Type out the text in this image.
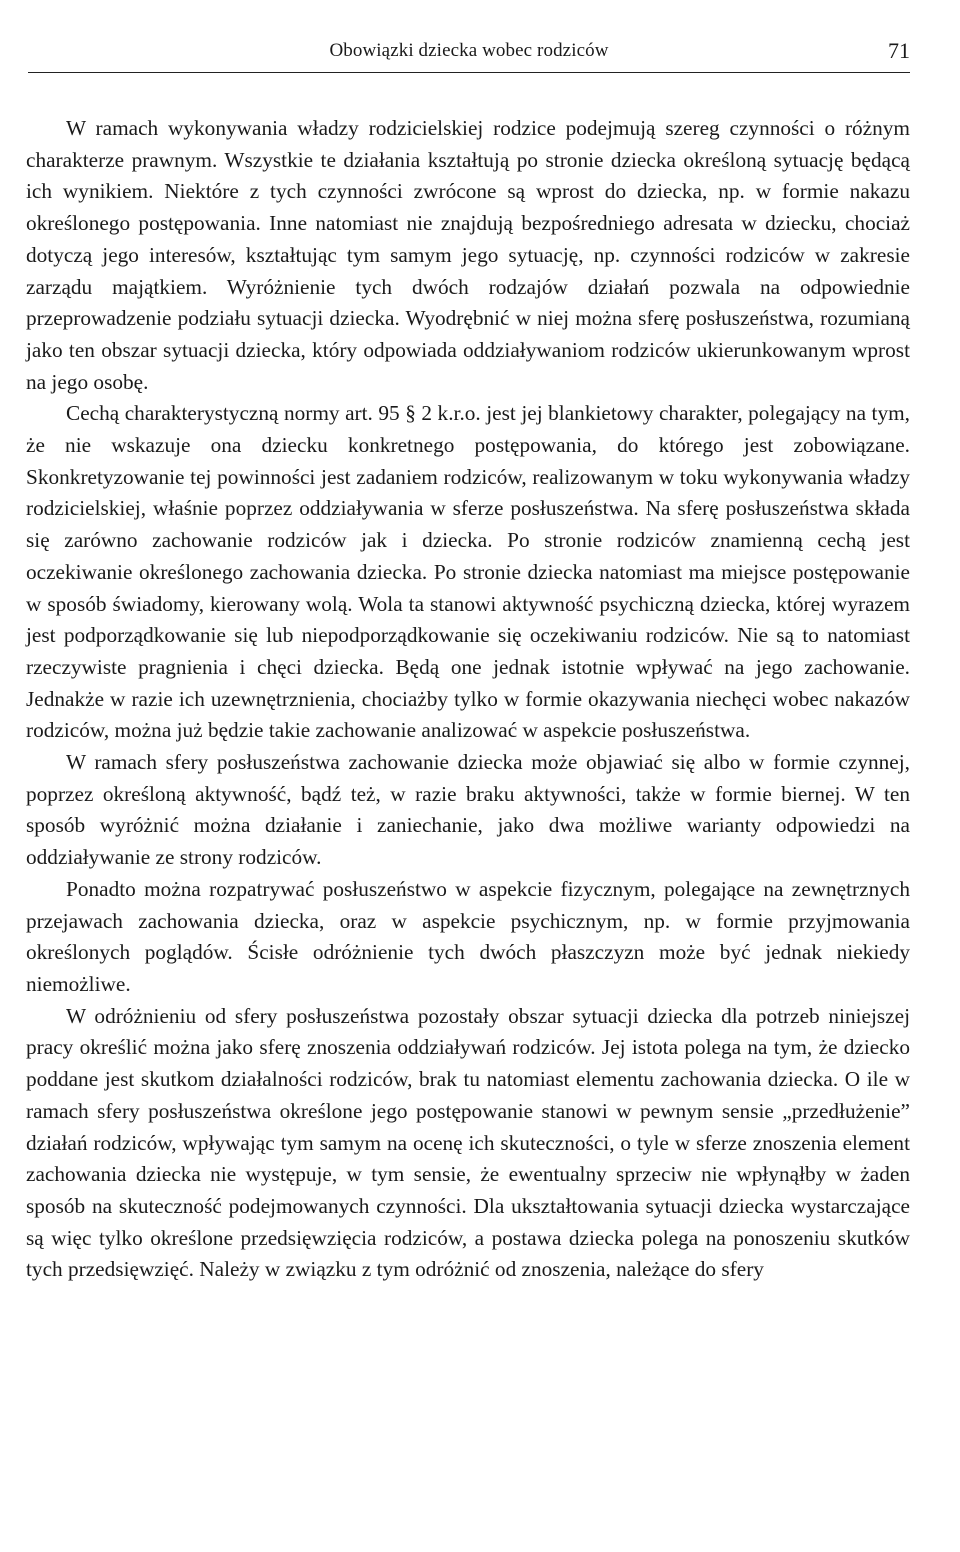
Obowiązki dziecka wobec rodziców	71

W ramach wykonywania władzy rodzicielskiej rodzice podejmują szereg czynności o różnym charakterze prawnym. Wszystkie te działania kształtują po stronie dziecka określoną sytuację będącą ich wynikiem. Niektóre z tych czynności zwrócone są wprost do dziecka, np. w formie nakazu określonego postępowania. Inne natomiast nie znajdują bezpośredniego adresata w dziecku, chociaż dotyczą jego interesów, kształtując tym samym jego sytuację, np. czynności rodziców w zakresie zarządu majątkiem. Wyróżnienie tych dwóch rodzajów działań pozwala na odpowiednie przeprowadzenie podziału sytuacji dziecka. Wyodrębnić w niej można sferę posłuszeństwa, rozumianą jako ten obszar sytuacji dziecka, który odpowiada oddziaływaniom rodziców ukierunkowanym wprost na jego osobę.

Cechą charakterystyczną normy art. 95 § 2 k.r.o. jest jej blankietowy charakter, polegający na tym, że nie wskazuje ona dziecku konkretnego postępowania, do którego jest zobowiązane. Skonkretyzowanie tej powinności jest zadaniem rodziców, realizowanym w toku wykonywania władzy rodzicielskiej, właśnie poprzez oddziaływania w sferze posłuszeństwa. Na sferę posłuszeństwa składa się zarówno zachowanie rodziców jak i dziecka. Po stronie rodziców znamienną cechą jest oczekiwanie określonego zachowania dziecka. Po stronie dziecka natomiast ma miejsce postępowanie w sposób świadomy, kierowany wolą. Wola ta stanowi aktywność psychiczną dziecka, której wyrazem jest podporządkowanie się lub niepodporządkowanie się oczekiwaniu rodziców. Nie są to natomiast rzeczywiste pragnienia i chęci dziecka. Będą one jednak istotnie wpływać na jego zachowanie. Jednakże w razie ich uzewnętrznienia, chociażby tylko w formie okazywania niechęci wobec nakazów rodziców, można już będzie takie zachowanie analizować w aspekcie posłuszeństwa.

W ramach sfery posłuszeństwa zachowanie dziecka może objawiać się albo w formie czynnej, poprzez określoną aktywność, bądź też, w razie braku aktywności, także w formie biernej. W ten sposób wyróżnić można działanie i zaniechanie, jako dwa możliwe warianty odpowiedzi na oddziaływanie ze strony rodziców.

Ponadto można rozpatrywać posłuszeństwo w aspekcie fizycznym, polegające na zewnętrznych przejawach zachowania dziecka, oraz w aspekcie psychicznym, np. w formie przyjmowania określonych poglądów. Ścisłe odróżnienie tych dwóch płaszczyzn może być jednak niekiedy niemożliwe.

W odróżnieniu od sfery posłuszeństwa pozostały obszar sytuacji dziecka dla potrzeb niniejszej pracy określić można jako sferę znoszenia oddziaływań rodziców. Jej istota polega na tym, że dziecko poddane jest skutkom działalności rodziców, brak tu natomiast elementu zachowania dziecka. O ile w ramach sfery posłuszeństwa określone jego postępowanie stanowi w pewnym sensie „przedłużenie” działań rodziców, wpływając tym samym na ocenę ich skuteczności, o tyle w sferze znoszenia element zachowania dziecka nie występuje, w tym sensie, że ewentualny sprzeciw nie wpłynąłby w żaden sposób na skuteczność podejmowanych czynności. Dla ukształtowania sytuacji dziecka wystarczające są więc tylko określone przedsięwzięcia rodziców, a postawa dziecka polega na ponoszeniu skutków tych przedsięwzięć. Należy w związku z tym odróżnić od znoszenia, należące do sfery
